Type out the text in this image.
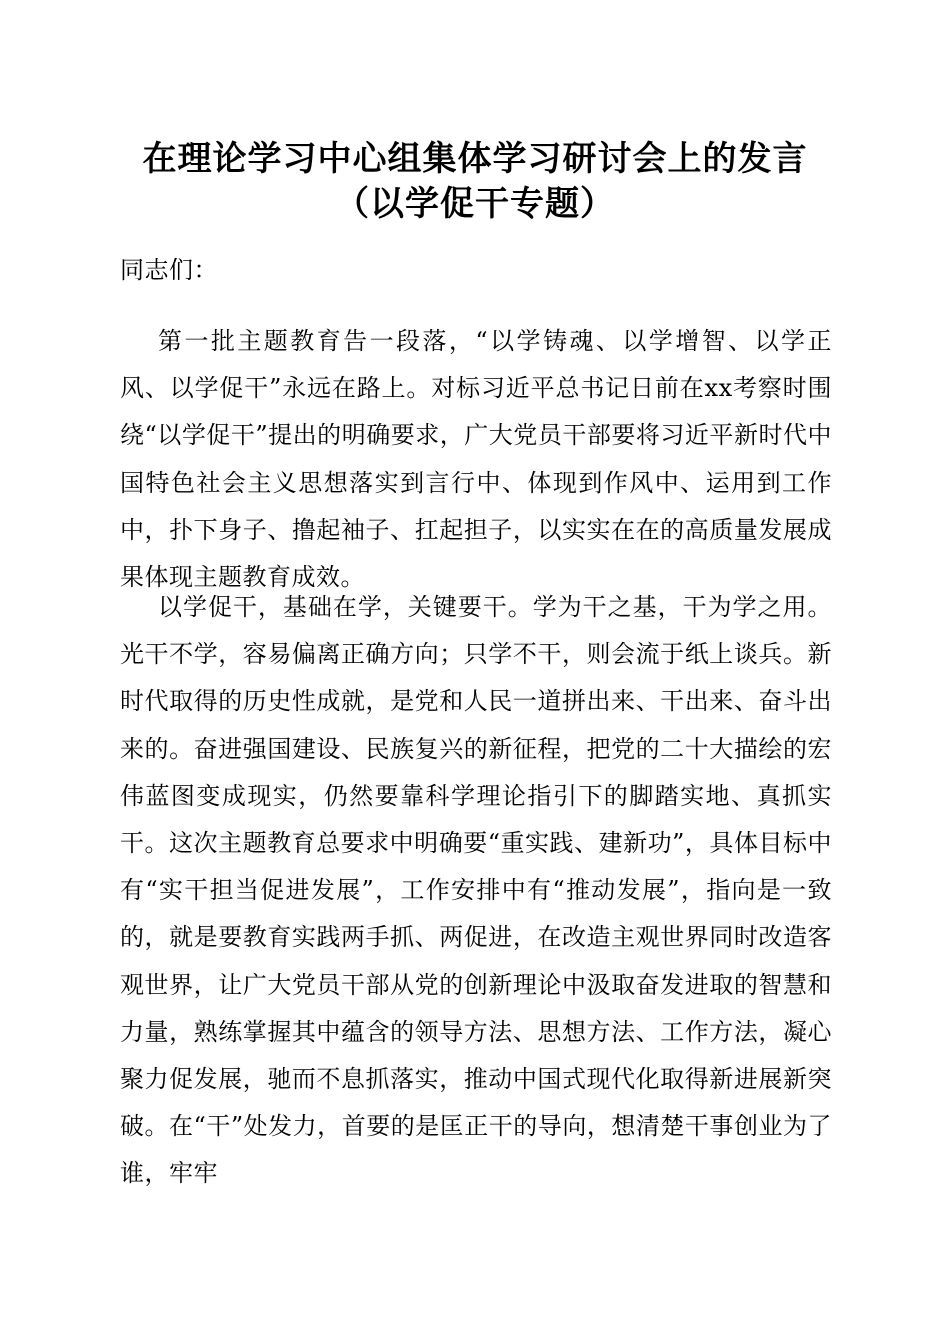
在理论学习中心组集体学习研讨会上的发言
（以学促干专题）

同志们：

第一批主题教育告一段落，“以学铸魂、以学增智、以学正风、以学促干”永远在路上。对标习近平总书记日前在xx考察时围绕“以学促干”提出的明确要求，广大党员干部要将习近平新时代中国特色社会主义思想落实到言行中、体现到作风中、运用到工作中，扑下身子、撸起袖子、扛起担子，以实实在在的高质量发展成果体现主题教育成效。

以学促干，基础在学，关键要干。学为干之基，干为学之用。光干不学，容易偏离正确方向；只学不干，则会流于纸上谈兵。新时代取得的历史性成就，是党和人民一道拼出来、干出来、奋斗出来的。奋进强国建设、民族复兴的新征程，把党的二十大描绘的宏伟蓝图变成现实，仍然要靠科学理论指引下的脚踏实地、真抓实干。这次主题教育总要求中明确要“重实践、建新功”，具体目标中有“实干担当促进发展”，工作安排中有“推动发展”，指向是一致的，就是要教育实践两手抓、两促进，在改造主观世界同时改造客观世界，让广大党员干部从党的创新理论中汲取奋发进取的智慧和力量，熟练掌握其中蕴含的领导方法、思想方法、工作方法，凝心聚力促发展，驰而不息抓落实，推动中国式现代化取得新进展新突破。在“干”处发力，首要的是匡正干的导向，想清楚干事创业为了谁，牢牢
